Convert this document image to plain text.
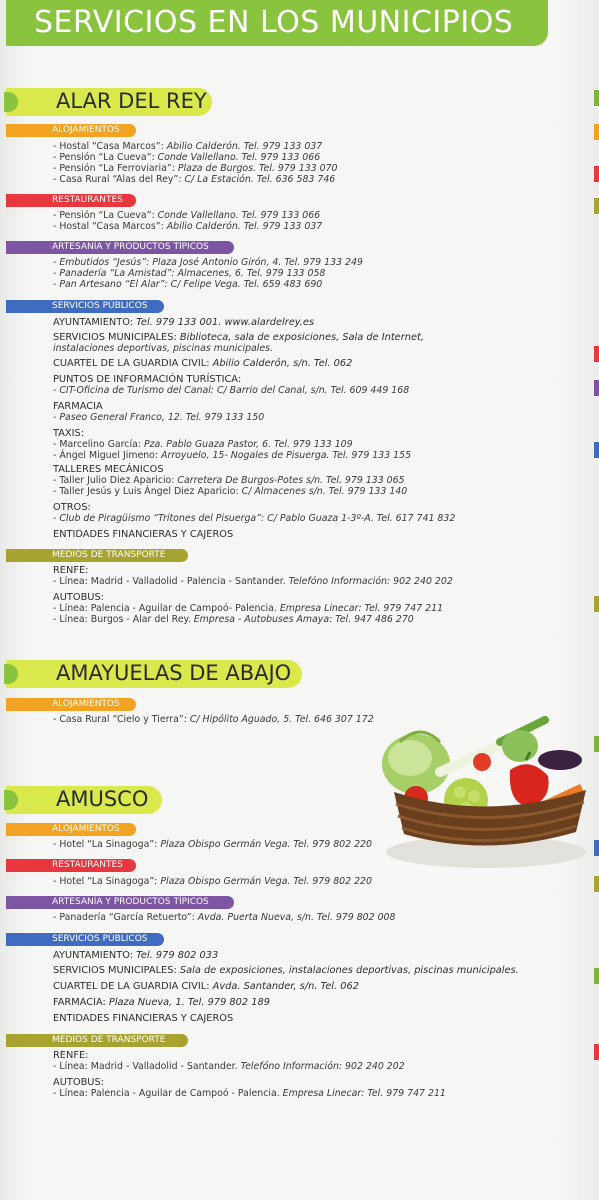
SERVICIOS EN LOS MUNICIPIOS
ALAR DEL REY
ALOJAMIENTOS
- Hostal “Casa Marcos”: Abilio Calderón. Tel. 979 133 037
- Pensión “La Cueva”: Conde Vallellano. Tel. 979 133 066
- Pensión “La Ferroviaria”: Plaza de Burgos. Tel. 979 133 070
- Casa Rural “Alas del Rey”: C/ La Estación. Tel. 636 583 746
RESTAURANTES
- Pensión “La Cueva”: Conde Vallellano. Tel. 979 133 066
- Hostal “Casa Marcos”: Abilio Calderón. Tel. 979 133 037
ARTESANÍA Y PRODUCTOS TÍPICOS
- Embutidos “Jesús”: Plaza José Antonio Girón, 4. Tel. 979 133 249
- Panadería “La Amistad”: Almacenes, 6. Tel. 979 133 058
- Pan Artesano “El Alar”: C/ Felipe Vega. Tel. 659 483 690
SERVICIOS PÚBLICOS
AYUNTAMIENTO: Tel. 979 133 001. www.alardelrey.es
SERVICIOS MUNICIPALES: Biblioteca, sala de exposiciones, Sala de Internet,
instalaciones deportivas, piscinas municipales.
CUARTEL DE LA GUARDIA CIVIL: Abilio Calderón, s/n. Tel. 062
PUNTOS DE INFORMACIÓN TURÍSTICA:
- CIT-Oficina de Turismo del Canal: C/ Barrio del Canal, s/n. Tel. 609 449 168
FARMACIA
- Paseo General Franco, 12. Tel. 979 133 150
TAXIS:
- Marcelino García: Pza. Pablo Guaza Pastor, 6. Tel. 979 133 109
- Ángel Miguel Jimeno: Arroyuelo, 15- Nogales de Pisuerga. Tel. 979 133 155
TALLERES MECÁNICOS
- Taller Julio Diez Aparicio: Carretera De Burgos-Potes s/n. Tel. 979 133 065
- Taller Jesús y Luis Ángel Diez Aparicio: C/ Almacenes s/n. Tel. 979 133 140
OTROS:
- Club de Piragüismo “Tritones del Pisuerga”: C/ Pablo Guaza 1-3º-A. Tel. 617 741 832
ENTIDADES FINANCIERAS Y CAJEROS
MEDIOS DE TRANSPORTE
RENFE:
- Línea: Madrid - Valladolid - Palencia - Santander. Telefóno Información: 902 240 202
AUTOBUS:
- Línea: Palencia - Aguilar de Campoó- Palencia. Empresa Linecar: Tel. 979 747 211
- Línea: Burgos - Alar del Rey. Empresa - Autobuses Amaya: Tel. 947 486 270
AMAYUELAS DE ABAJO
ALOJAMIENTOS
- Casa Rural “Cielo y Tierra”: C/ Hipólito Aguado, 5. Tel. 646 307 172
AMUSCO
ALOJAMIENTOS
- Hotel “La Sinagoga”: Plaza Obispo Germán Vega. Tel. 979 802 220
RESTAURANTES
- Hotel “La Sinagoga”: Plaza Obispo Germán Vega. Tel. 979 802 220
ARTESANÍA Y PRODUCTOS TÍPICOS
- Panadería “García Retuerto”: Avda. Puerta Nueva, s/n. Tel. 979 802 008
SERVICIOS PÚBLICOS
AYUNTAMIENTO: Tel. 979 802 033
SERVICIOS MUNICIPALES: Sala de exposiciones, instalaciones deportivas, piscinas municipales.
CUARTEL DE LA GUARDIA CIVIL: Avda. Santander, s/n. Tel. 062
FARMACIA: Plaza Nueva, 1. Tel. 979 802 189
ENTIDADES FINANCIERAS Y CAJEROS
MEDIOS DE TRANSPORTE
RENFE:
- Línea: Madrid - Valladolid - Santander. Telefóno Información: 902 240 202
AUTOBUS:
- Línea: Palencia - Aguilar de Campoó - Palencia. Empresa Linecar: Tel. 979 747 211
